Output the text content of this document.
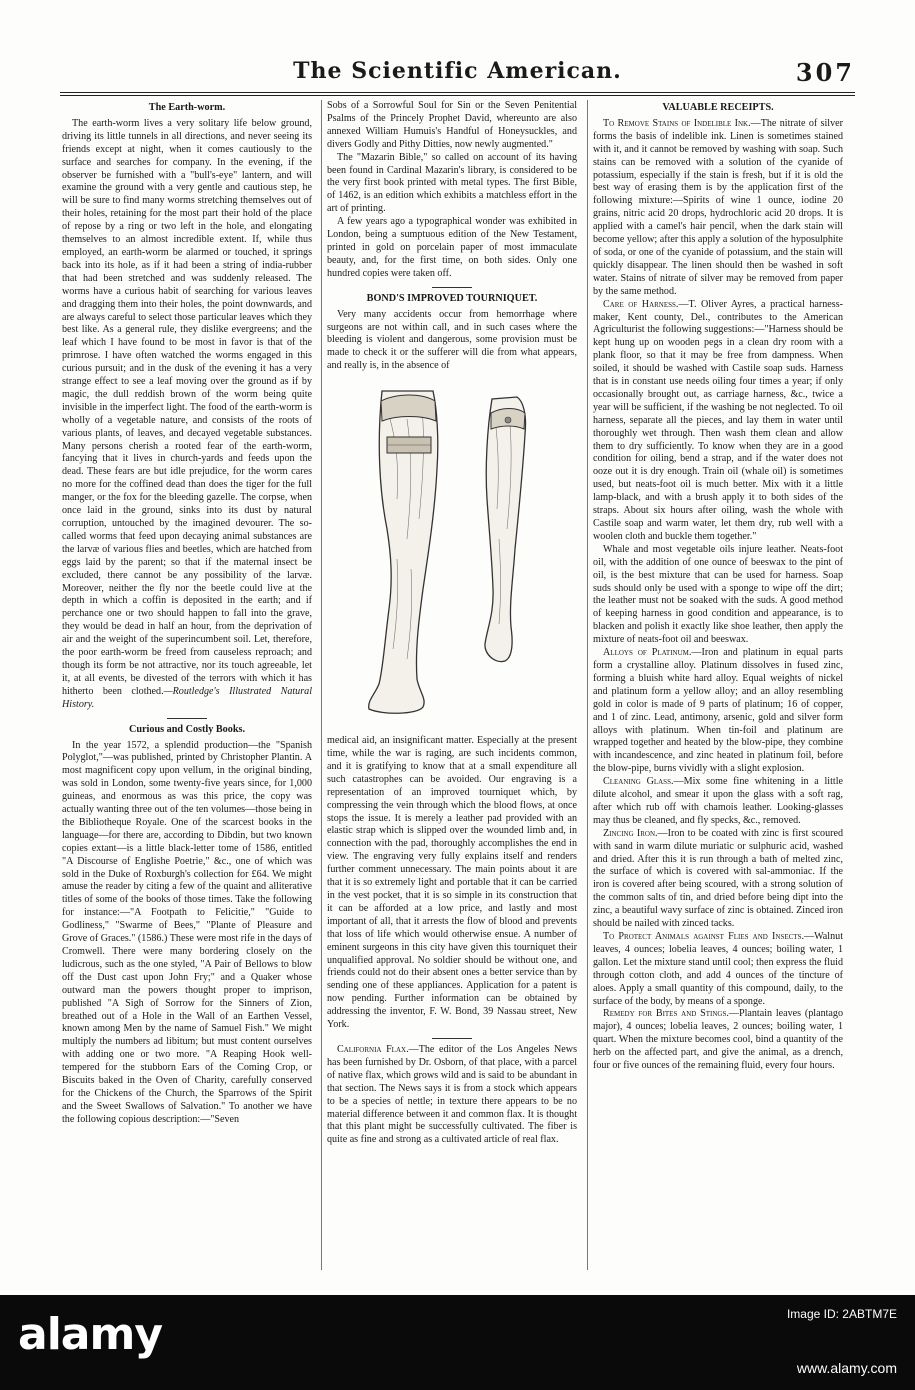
The Scientific American.	307
The Earth-worm.

The earth-worm lives a very solitary life below ground, driving its little tunnels in all directions, and never seeing its friends except at night, when it comes cautiously to the surface and searches for company. In the evening, if the observer be furnished with a "bull's-eye" lantern, and will examine the ground with a very gentle and cautious step, he will be sure to find many worms stretching themselves out of their holes, retaining for the most part their hold of the place of repose by a ring or two left in the hole, and elongating themselves to an almost incredible extent. If, while thus employed, an earth-worm be alarmed or touched, it springs back into its hole, as if it had been a string of india-rubber that had been stretched and was suddenly released. The worms have a curious habit of searching for various leaves and dragging them into their holes, the point downwards, and are always careful to select those particular leaves which they best like. As a general rule, they dislike evergreens; and the leaf which I have found to be most in favor is that of the primrose. I have often watched the worms engaged in this curious pursuit; and in the dusk of the evening it has a very strange effect to see a leaf moving over the ground as if by magic, the dull reddish brown of the worm being quite invisible in the imperfect light. The food of the earth-worm is wholly of a vegetable nature, and consists of the roots of various plants, of leaves, and decayed vegetable substances. Many persons cherish a rooted fear of the earth-worm, fancying that it lives in church-yards and feeds upon the dead. These fears are but idle prejudice, for the worm cares no more for the coffined dead than does the tiger for the full manger, or the fox for the bleeding gazelle. The corpse, when once laid in the ground, sinks into its dust by natural corruption, untouched by the imagined devourer. The so-called worms that feed upon decaying animal substances are the larvæ of various flies and beetles, which are hatched from eggs laid by the parent; so that if the maternal insect be excluded, there cannot be any possibility of the larvæ. Moreover, neither the fly nor the beetle could live at the depth in which a coffin is deposited in the earth; and if perchance one or two should happen to fall into the grave, they would be dead in half an hour, from the deprivation of air and the weight of the superincumbent soil. Let, therefore, the poor earth-worm be freed from causeless reproach; and though its form be not attractive, nor its touch agreeable, let it, at all events, be divested of the terrors with which it has hitherto been clothed.—Routledge's Illustrated Natural History.

Curious and Costly Books.

In the year 1572, a splendid production—the "Spanish Polyglot,"—was published, printed by Christopher Plantin. A most magnificent copy upon vellum, in the original binding, was sold in London, some twenty-five years since, for 1,000 guineas, and enormous as was this price, the copy was actually wanting three out of the ten volumes—those being in the Bibliotheque Royale. One of the scarcest books in the language—for there are, according to Dibdin, but two known copies extant—is a little black-letter tome of 1586, entitled "A Discourse of Englishe Poetrie," &c., one of which was sold in the Duke of Roxburgh's collection for £64. We might amuse the reader by citing a few of the quaint and alliterative titles of some of the books of those times. Take the following for instance:—"A Footpath to Felicitie," "Guide to Godliness," "Swarme of Bees," "Plante of Pleasure and Grove of Graces." (1586.) These were most rife in the days of Cromwell. There were many bordering closely on the ludicrous, such as the one styled, "A Pair of Bellows to blow off the Dust cast upon John Fry;" and a Quaker whose outward man the powers thought proper to imprison, published "A Sigh of Sorrow for the Sinners of Zion, breathed out of a Hole in the Wall of an Earthen Vessel, known among Men by the name of Samuel Fish." We might multiply the numbers ad libitum; but must content ourselves with adding one or two more. "A Reaping Hook well-tempered for the stubborn Ears of the Coming Crop, or Biscuits baked in the Oven of Charity, carefully conserved for the Chickens of the Church, the Sparrows of the Spirit and the Sweet Swallows of Salvation." To another we have the following copious description:—"Seven

Sobs of a Sorrowful Soul for Sin or the Seven Penitential Psalms of the Princely Prophet David, whereunto are also annexed William Humuis's Handful of Honeysuckles, and divers Godly and Pithy Ditties, now newly augmented."

The "Mazarin Bible," so called on account of its having been found in Cardinal Mazarin's library, is considered to be the very first book printed with metal types. The first Bible, of 1462, is an edition which exhibits a matchless effort in the art of printing.

A few years ago a typographical wonder was exhibited in London, being a sumptuous edition of the New Testament, printed in gold on porcelain paper of most immaculate beauty, and, for the first time, on both sides. Only one hundred copies were taken off.

BOND'S IMPROVED TOURNIQUET.

Very many accidents occur from hemorrhage where surgeons are not within call, and in such cases where the bleeding is violent and dangerous, some provision must be made to check it or the sufferer will die from what appears, and really is, in the absence of

medical aid, an insignificant matter. Especially at the present time, while the war is raging, are such incidents common, and it is gratifying to know that at a small expenditure all such catastrophes can be avoided. Our engraving is a representation of an improved tourniquet which, by compressing the vein through which the blood flows, at once stops the issue. It is merely a leather pad provided with an elastic strap which is slipped over the wounded limb and, in connection with the pad, thoroughly accomplishes the end in view. The engraving very fully explains itself and renders further comment unnecessary. The main points about it are that it is so extremely light and portable that it can be carried in the vest pocket, that it is so simple in its construction that it can be afforded at a low price, and lastly and most important of all, that it arrests the flow of blood and prevents that loss of life which would otherwise ensue. A number of eminent surgeons in this city have given this tourniquet their unqualified approval. No soldier should be without one, and friends could not do their absent ones a better service than by sending one of these appliances. Application for a patent is now pending. Further information can be obtained by addressing the inventor, F. W. Bond, 39 Nassau street, New York.

California Flax.—The editor of the Los Angeles News has been furnished by Dr. Osborn, of that place, with a parcel of native flax, which grows wild and is said to be abundant in that section. The News says it is from a stock which appears to be a species of nettle; in texture there appears to be no material difference between it and common flax. It is thought that this plant might be successfully cultivated. The fiber is quite as fine and strong as a cultivated article of real flax.

VALUABLE RECEIPTS.

To Remove Stains of Indelible Ink.—The nitrate of silver forms the basis of indelible ink. Linen is sometimes stained with it, and it cannot be removed by washing with soap. Such stains can be removed with a solution of the cyanide of potassium, especially if the stain is fresh, but if it is old the best way of erasing them is by the application first of the following mixture:—Spirits of wine 1 ounce, iodine 20 grains, nitric acid 20 drops, hydrochloric acid 20 drops. It is applied with a camel's hair pencil, when the dark stain will become yellow; after this apply a solution of the hyposulphite of soda, or one of the cyanide of potassium, and the stain will quickly disappear. The linen should then be washed in soft water. Stains of nitrate of silver may be removed from paper by the same method.

Care of Harness.—T. Oliver Ayres, a practical harness-maker, Kent county, Del., contributes to the American Agriculturist the following suggestions:—"Harness should be kept hung up on wooden pegs in a clean dry room with a plank floor, so that it may be free from dampness. When soiled, it should be washed with Castile soap suds. Harness that is in constant use needs oiling four times a year; if only occasionally brought out, as carriage harness, &c., twice a year will be sufficient, if the washing be not neglected. To oil harness, separate all the pieces, and lay them in water until thoroughly wet through. Then wash them clean and allow them to dry sufficiently. To know when they are in a good condition for oiling, bend a strap, and if the water does not ooze out it is dry enough. Train oil (whale oil) is sometimes used, but neats-foot oil is much better. Mix with it a little lamp-black, and with a brush apply it to both sides of the straps. About six hours after oiling, wash the whole with Castile soap and warm water, let them dry, rub well with a woolen cloth and buckle them together."

Whale and most vegetable oils injure leather. Neats-foot oil, with the addition of one ounce of beeswax to the pint of oil, is the best mixture that can be used for harness. Soap suds should only be used with a sponge to wipe off the dirt; the leather must not be soaked with the suds. A good method of keeping harness in good condition and appearance, is to blacken and polish it exactly like shoe leather, then apply the mixture of neats-foot oil and beeswax.

Alloys of Platinum.—Iron and platinum in equal parts form a crystalline alloy. Platinum dissolves in fused zinc, forming a bluish white hard alloy. Equal weights of nickel and platinum form a yellow alloy; and an alloy resembling gold in color is made of 9 parts of platinum; 16 of copper, and 1 of zinc. Lead, antimony, arsenic, gold and silver form alloys with platinum. When tin-foil and platinum are wrapped together and heated by the blow-pipe, they combine with incandescence, and zinc heated in platinum foil, before the blow-pipe, burns vividly with a slight explosion.

Cleaning Glass.—Mix some fine whitening in a little dilute alcohol, and smear it upon the glass with a soft rag, after which rub off with chamois leather. Looking-glasses may thus be cleaned, and fly specks, &c., removed.

Zincing Iron.—Iron to be coated with zinc is first scoured with sand in warm dilute muriatic or sulphuric acid, washed and dried. After this it is run through a bath of melted zinc, the surface of which is covered with sal-ammoniac. If the iron is covered after being scoured, with a strong solution of the common salts of tin, and dried before being dipt into the zinc, a beautiful wavy surface of zinc is obtained. Zinced iron should be nailed with zinced tacks.

To Protect Animals against Flies and Insects.—Walnut leaves, 4 ounces; lobelia leaves, 4 ounces; boiling water, 1 gallon. Let the mixture stand until cool; then express the fluid through cotton cloth, and add 4 ounces of the tincture of aloes. Apply a small quantity of this compound, daily, to the surface of the body, by means of a sponge.

Remedy for Bites and Stings.—Plantain leaves (plantago major), 4 ounces; lobelia leaves, 2 ounces; boiling water, 1 quart. When the mixture becomes cool, bind a quantity of the herb on the affected part, and give the animal, as a drench, four or five ounces of the remaining fluid, every four hours.

alamy	Image ID: 2ABTM7E
www.alamy.com
